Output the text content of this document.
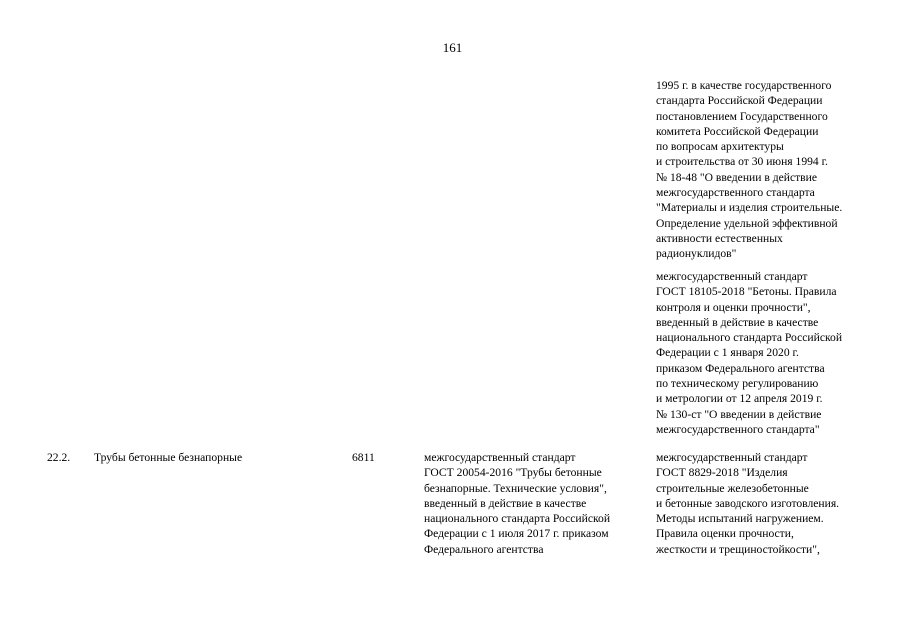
161
1995 г. в качестве государственного
стандарта Российской Федерации
постановлением Государственного
комитета Российской Федерации
по вопросам архитектуры
и строительства от 30 июня 1994 г.
№ 18-48 "О введении в действие
межгосударственного стандарта
"Материалы и изделия строительные.
Определение удельной эффективной
активности естественных
радионуклидов"
межгосударственный стандарт
ГОСТ 18105-2018 "Бетоны. Правила
контроля и оценки прочности",
введенный в действие в качестве
национального стандарта Российской
Федерации с 1 января 2020 г.
приказом Федерального агентства
по техническому регулированию
и метрологии от 12 апреля 2019 г.
№ 130-ст "О введении в действие
межгосударственного стандарта"
22.2. Трубы бетонные безнапорные	6811	межгосударственный стандарт
ГОСТ 20054-2016 "Трубы бетонные
безнапорные. Технические условия",
введенный в действие в качестве
национального стандарта Российской
Федерации с 1 июля 2017 г. приказом
Федерального агентства
межгосударственный стандарт
ГОСТ 8829-2018 "Изделия
строительные железобетонные
и бетонные заводского изготовления.
Методы испытаний нагружением.
Правила оценки прочности,
жесткости и трещиностойкости",
